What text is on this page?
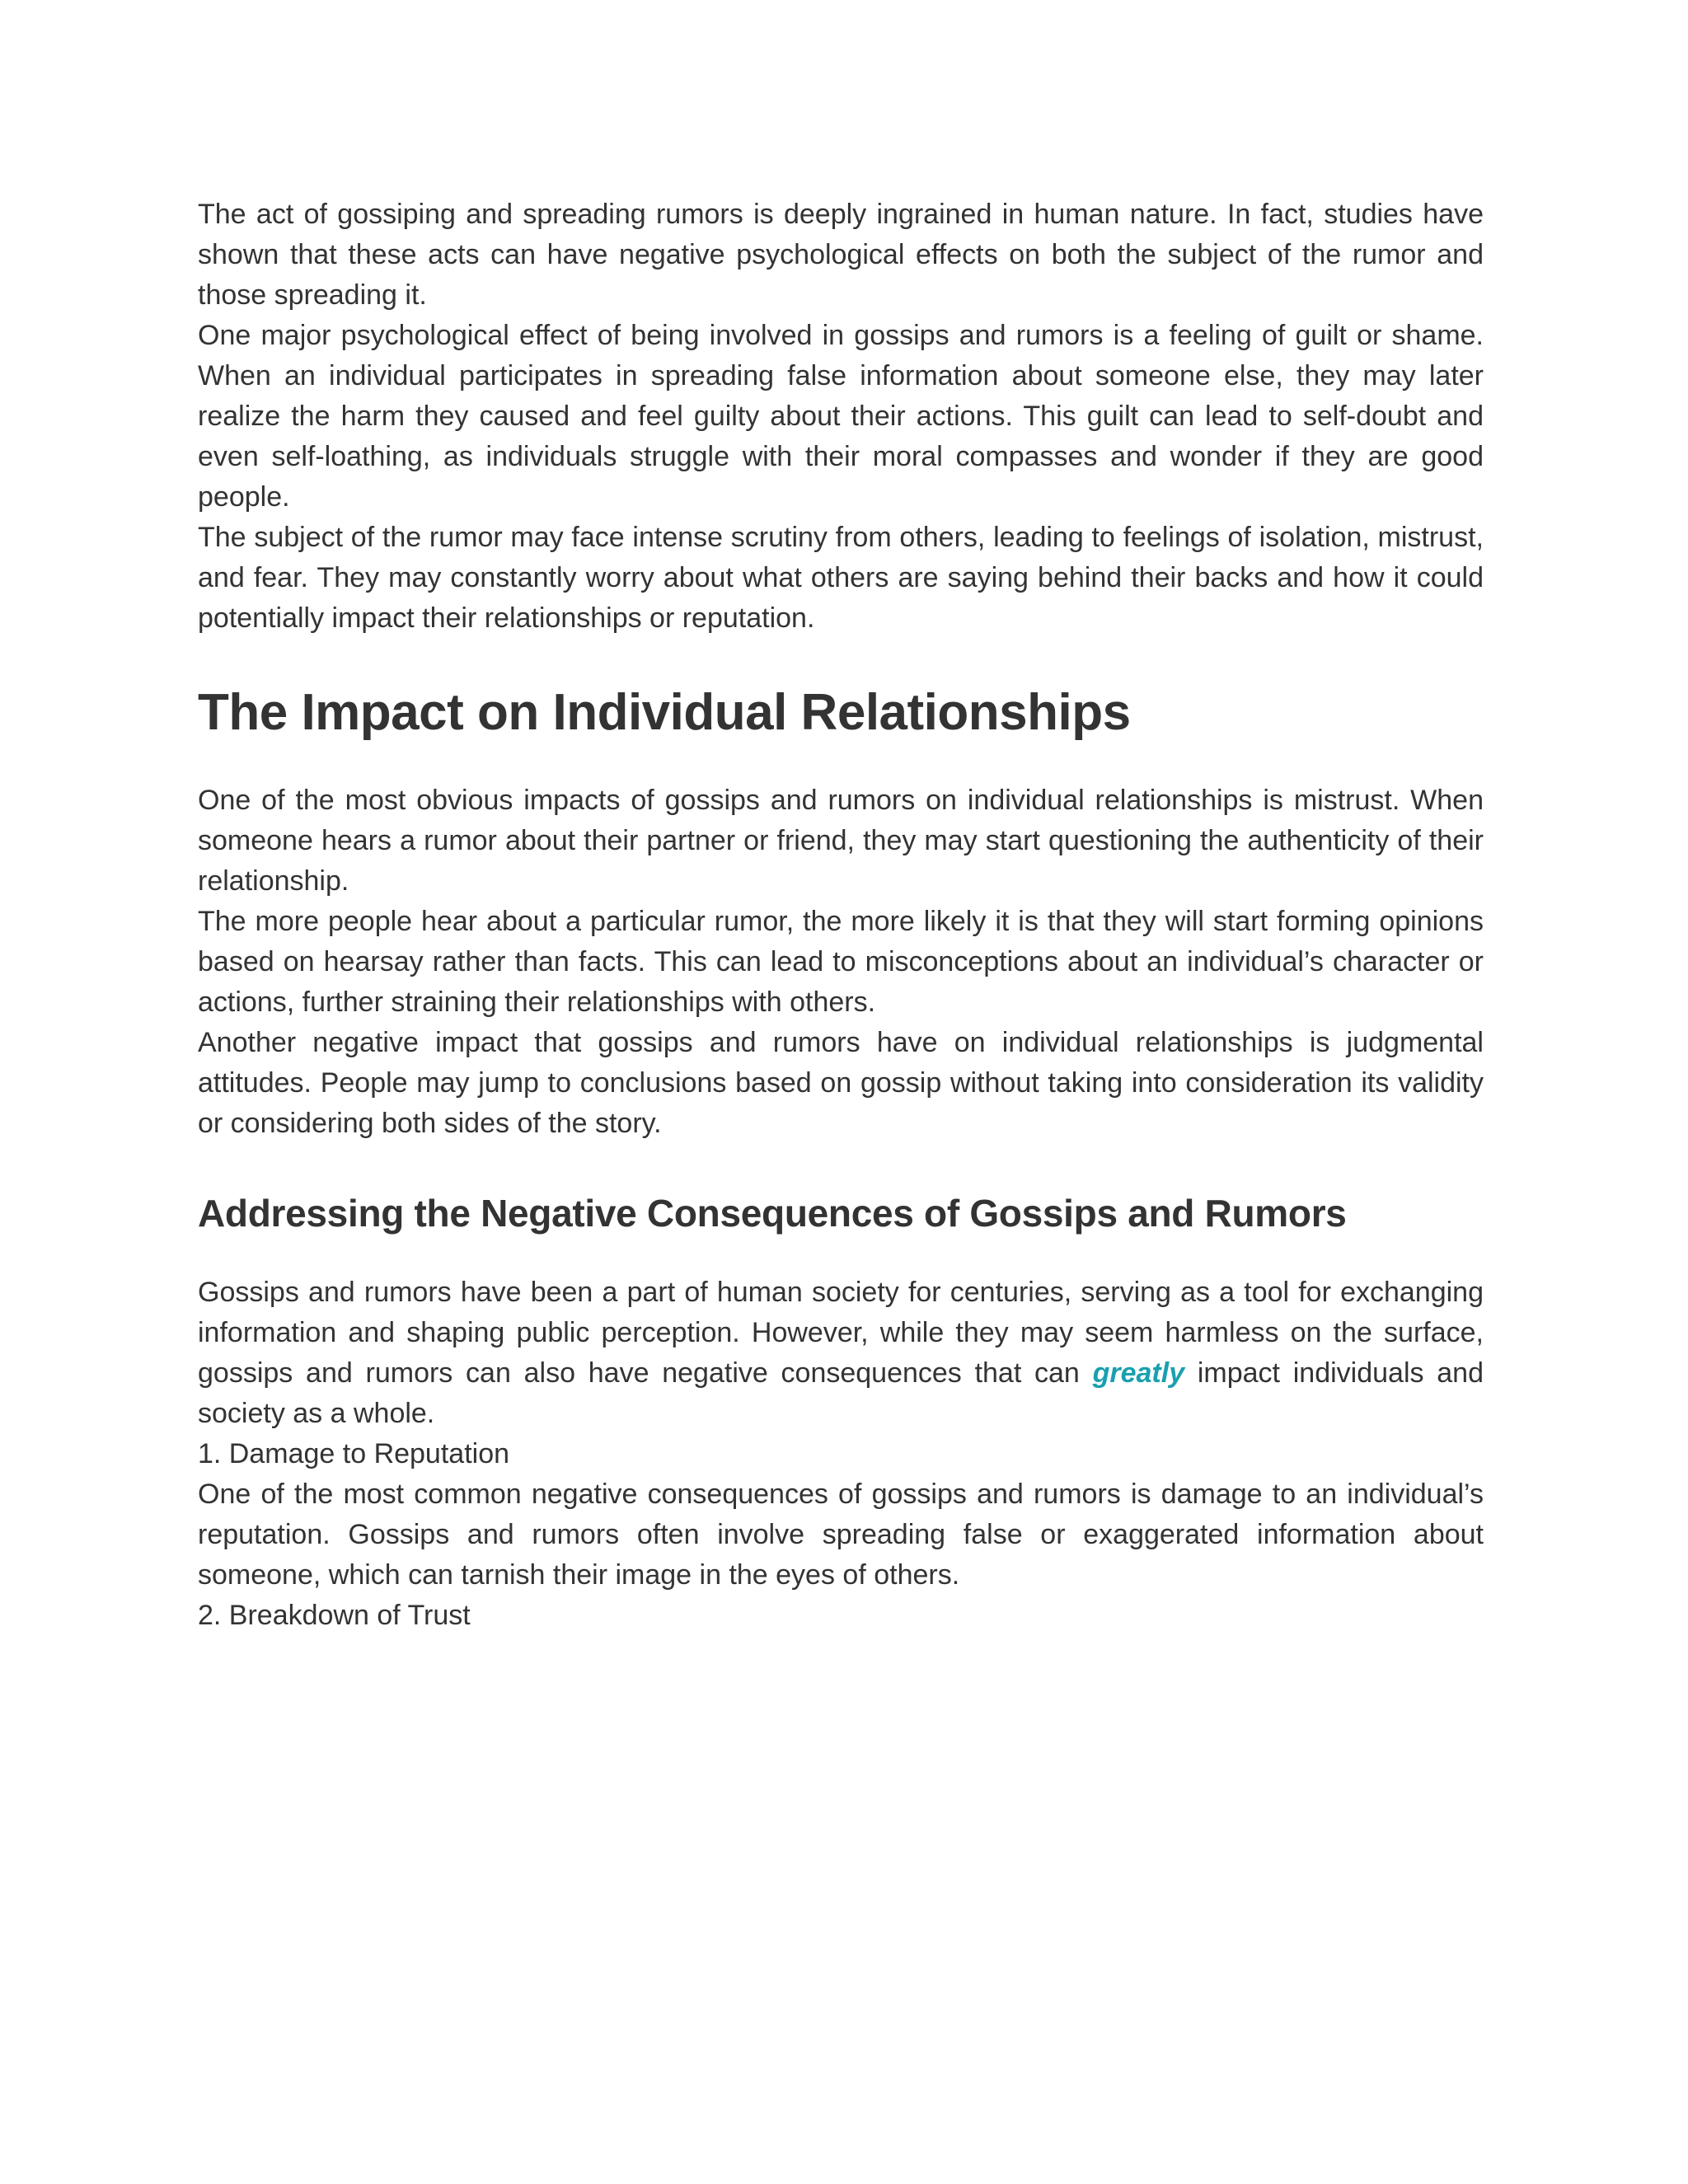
The act of gossiping and spreading rumors is deeply ingrained in human nature. In fact, studies have shown that these acts can have negative psychological effects on both the subject of the rumor and those spreading it.

One major psychological effect of being involved in gossips and rumors is a feeling of guilt or shame. When an individual participates in spreading false information about someone else, they may later realize the harm they caused and feel guilty about their actions. This guilt can lead to self-doubt and even self-loathing, as individuals struggle with their moral compasses and wonder if they are good people.

The subject of the rumor may face intense scrutiny from others, leading to feelings of isolation, mistrust, and fear. They may constantly worry about what others are saying behind their backs and how it could potentially impact their relationships or reputation.

The Impact on Individual Relationships

One of the most obvious impacts of gossips and rumors on individual relationships is mistrust. When someone hears a rumor about their partner or friend, they may start questioning the authenticity of their relationship.

The more people hear about a particular rumor, the more likely it is that they will start forming opinions based on hearsay rather than facts. This can lead to misconceptions about an individual’s character or actions, further straining their relationships with others.

Another negative impact that gossips and rumors have on individual relationships is judgmental attitudes. People may jump to conclusions based on gossip without taking into consideration its validity or considering both sides of the story.

Addressing the Negative Consequences of Gossips and Rumors

Gossips and rumors have been a part of human society for centuries, serving as a tool for exchanging information and shaping public perception. However, while they may seem harmless on the surface, gossips and rumors can also have negative consequences that can greatly impact individuals and society as a whole.

1. Damage to Reputation

One of the most common negative consequences of gossips and rumors is damage to an individual’s reputation. Gossips and rumors often involve spreading false or exaggerated information about someone, which can tarnish their image in the eyes of others.

2. Breakdown of Trust
